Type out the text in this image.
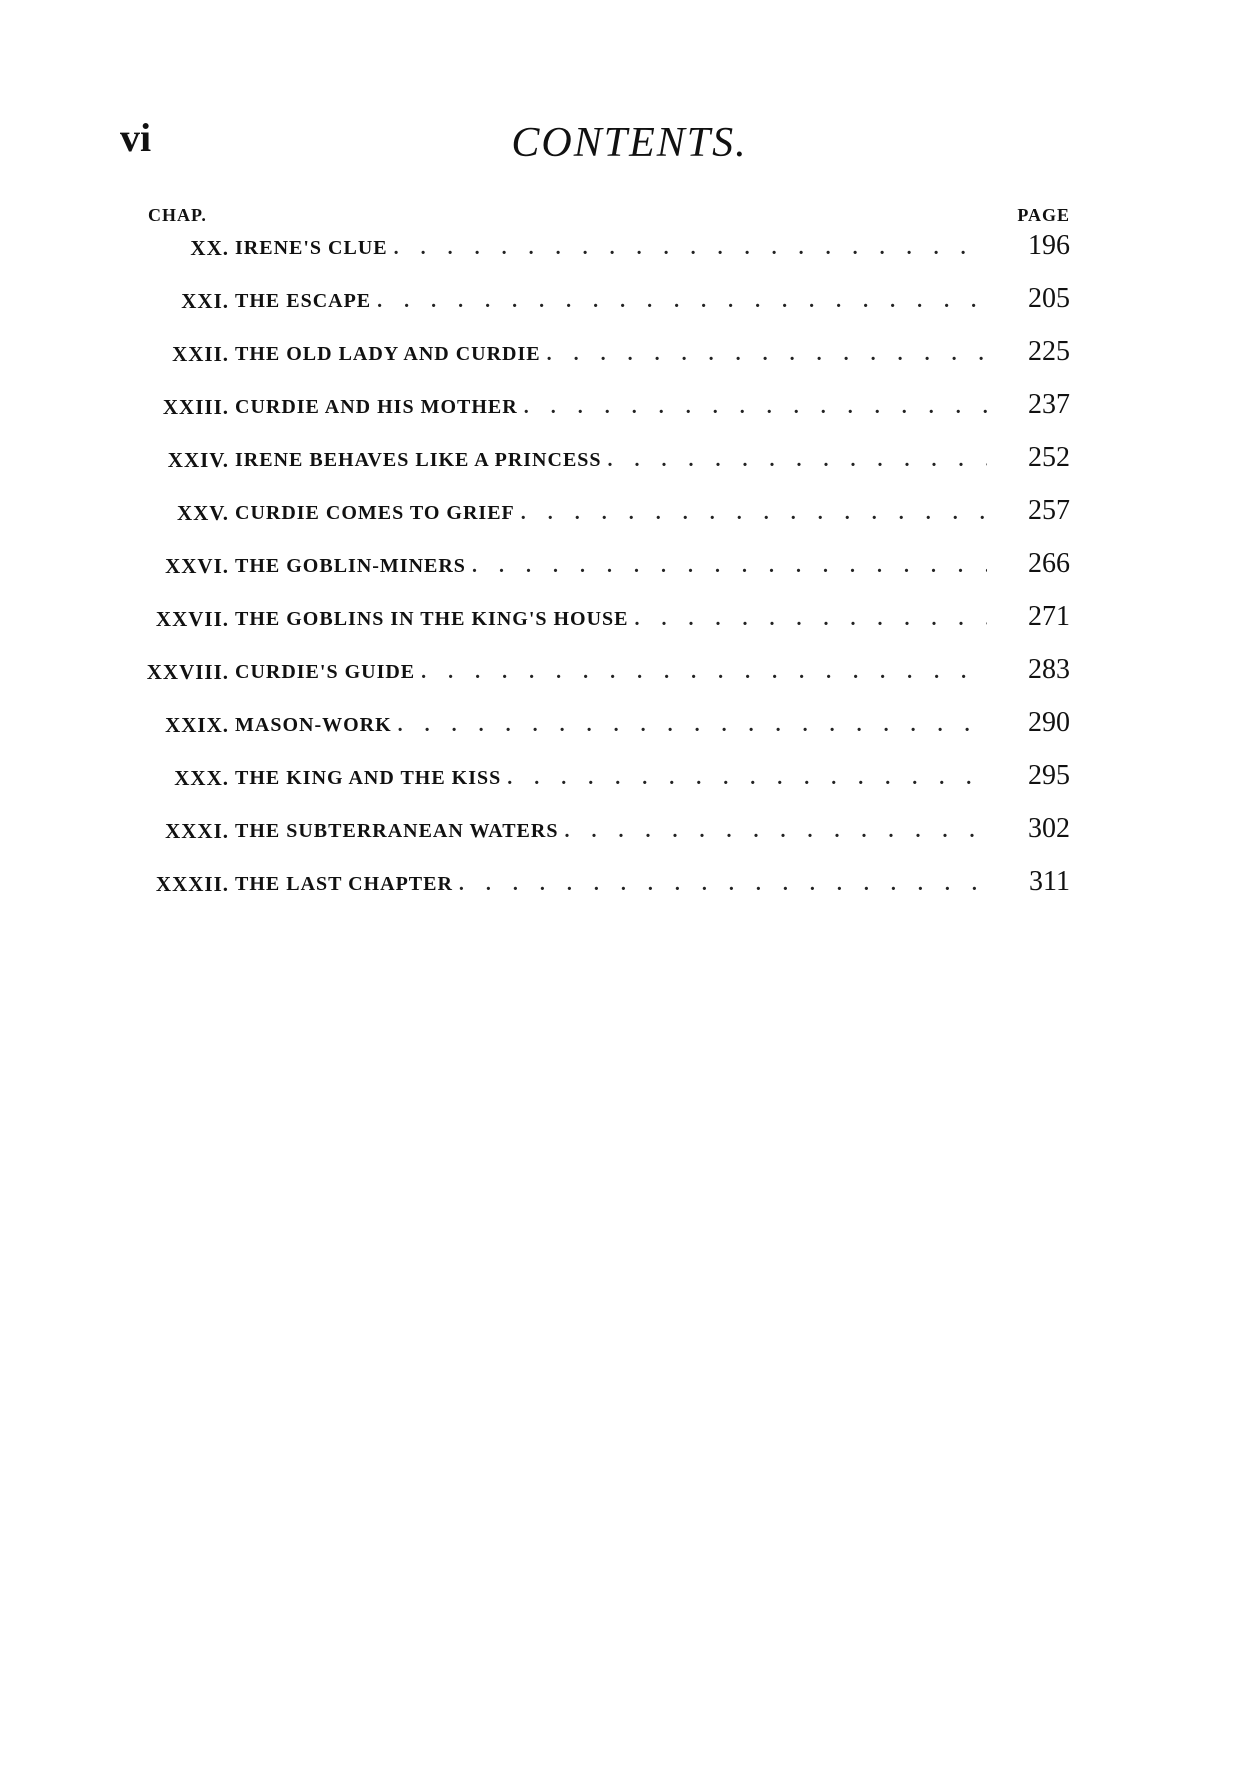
vi	CONTENTS.
CHAP.	PAGE
XX. IRENE'S CLUE .....	196
XXI. THE ESCAPE .....	205
XXII. THE OLD LADY AND CURDIE .....	225
XXIII. CURDIE AND HIS MOTHER .....	237
XXIV. IRENE BEHAVES LIKE A PRINCESS .....	252
XXV. CURDIE COMES TO GRIEF .....	257
XXVI. THE GOBLIN-MINERS .....	266
XXVII. THE GOBLINS IN THE KING'S HOUSE .....	271
XXVIII. CURDIE'S GUIDE .....	283
XXIX. MASON-WORK .....	290
XXX. THE KING AND THE KISS .....	295
XXXI. THE SUBTERRANEAN WATERS .....	302
XXXII. THE LAST CHAPTER .....	311
